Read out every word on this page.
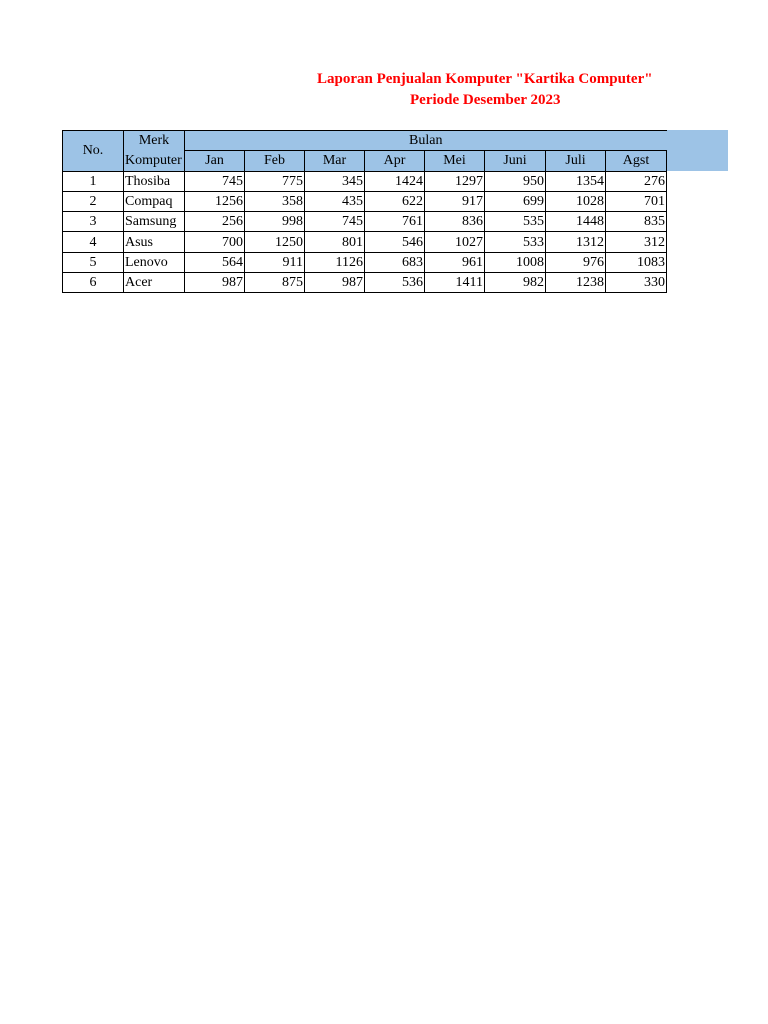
Laporan Penjualan Komputer "Kartika Computer"
Periode Desember 2023
No.	Merk	Bulan							
	Komputer	Jan	Feb	Mar	Apr	Mei	Juni	Juli	Agst
1	Thosiba	745	775	345	1424	1297	950	1354	276
2	Compaq	1256	358	435	622	917	699	1028	701
3	Samsung	256	998	745	761	836	535	1448	835
4	Asus	700	1250	801	546	1027	533	1312	312
5	Lenovo	564	911	1126	683	961	1008	976	1083
6	Acer	987	875	987	536	1411	982	1238	330
